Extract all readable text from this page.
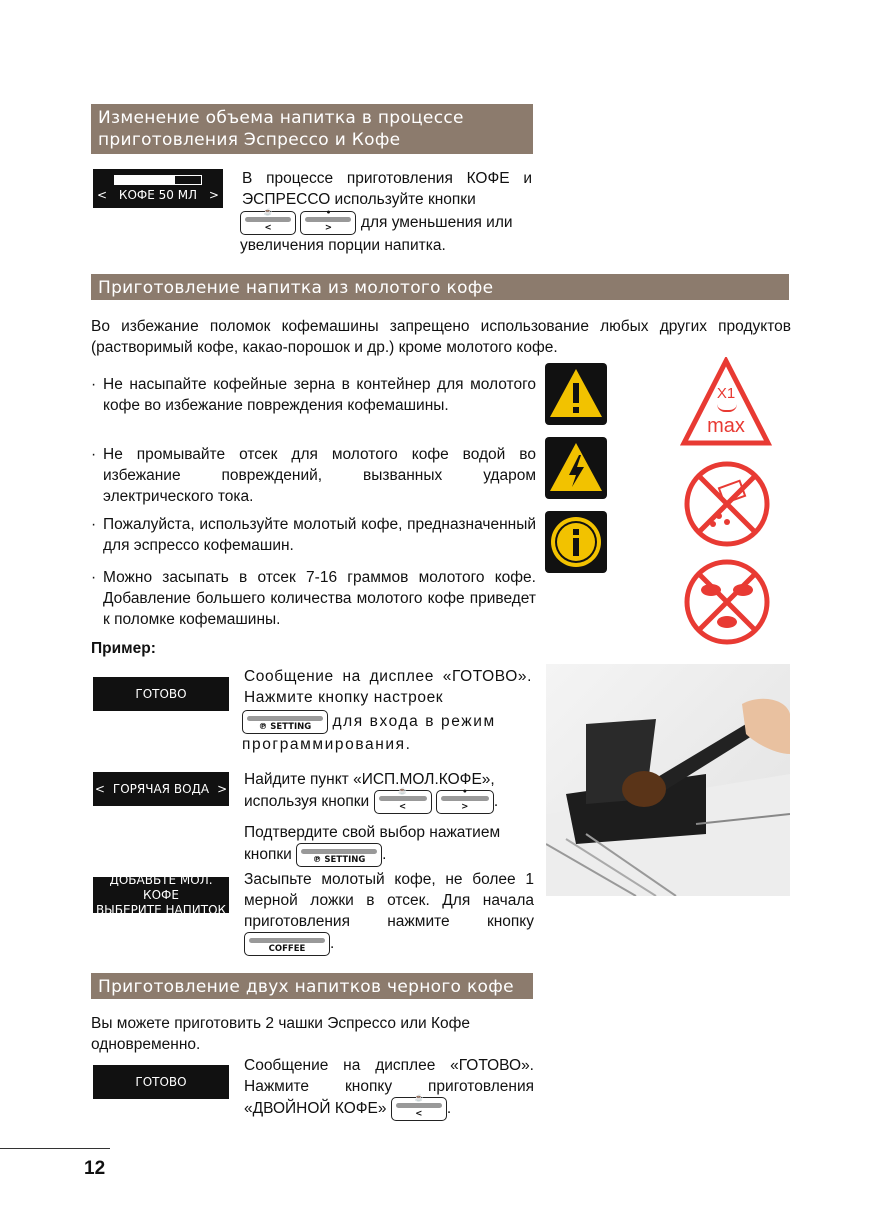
Изменение объема напитка в процессе приготовления Эспрессо и Кофе
< КОФЕ 50 МЛ >
В процессе приготовления КОФЕ и ЭСПРЕССО используйте кнопки
☕
<

●
>	для уменьшения или увеличения порции напитка.
Приготовление напитка из молотого кофе
Во избежание поломок кофемашины запрещено использование любых других продуктов (растворимый кофе, какао-порошок и др.) кроме молотого кофе.
· Не насыпайте кофейные зерна в контейнер для молотого кофе во избежание повреждения кофемашины.
· Не промывайте отсек для молотого кофе водой во избежание повреждений, вызванных ударом электрического тока.
· Пожалуйста, используйте молотый кофе, предназначенный для эспрессо кофемашин.
· Можно засыпать в отсек 7-16 граммов молотого кофе. Добавление большего количества молотого кофе приведет к поломке кофемашины.
X1
max
Пример:
ГОТОВО
Сообщение на дисплее «ГОТОВО». Нажмите кнопку настроек
℗ SETTING	для входа в режим программирования.
< ГОРЯЧАЯ ВОДА >
Найдите пункт «ИСП.МОЛ.КОФЕ», используя кнопки
☕
<

●
>	.
Подтвердите свой выбор нажатием кнопки	℗ SETTING	.
ДОБАВЬТЕ МОЛ. КОФЕ
ВЫБЕРИТЕ НАПИТОК
Засыпьте молотый кофе, не более 1 мерной ложки в отсек. Для начала приготовления нажмите кнопку
COFFEE	.
Приготовление двух напитков черного кофе
Вы можете приготовить 2 чашки Эспрессо или Кофе одновременно.
ГОТОВО
Сообщение на дисплее «ГОТОВО». Нажмите кнопку приготовления «ДВОЙНОЙ КОФЕ»
☕
<	.
12
